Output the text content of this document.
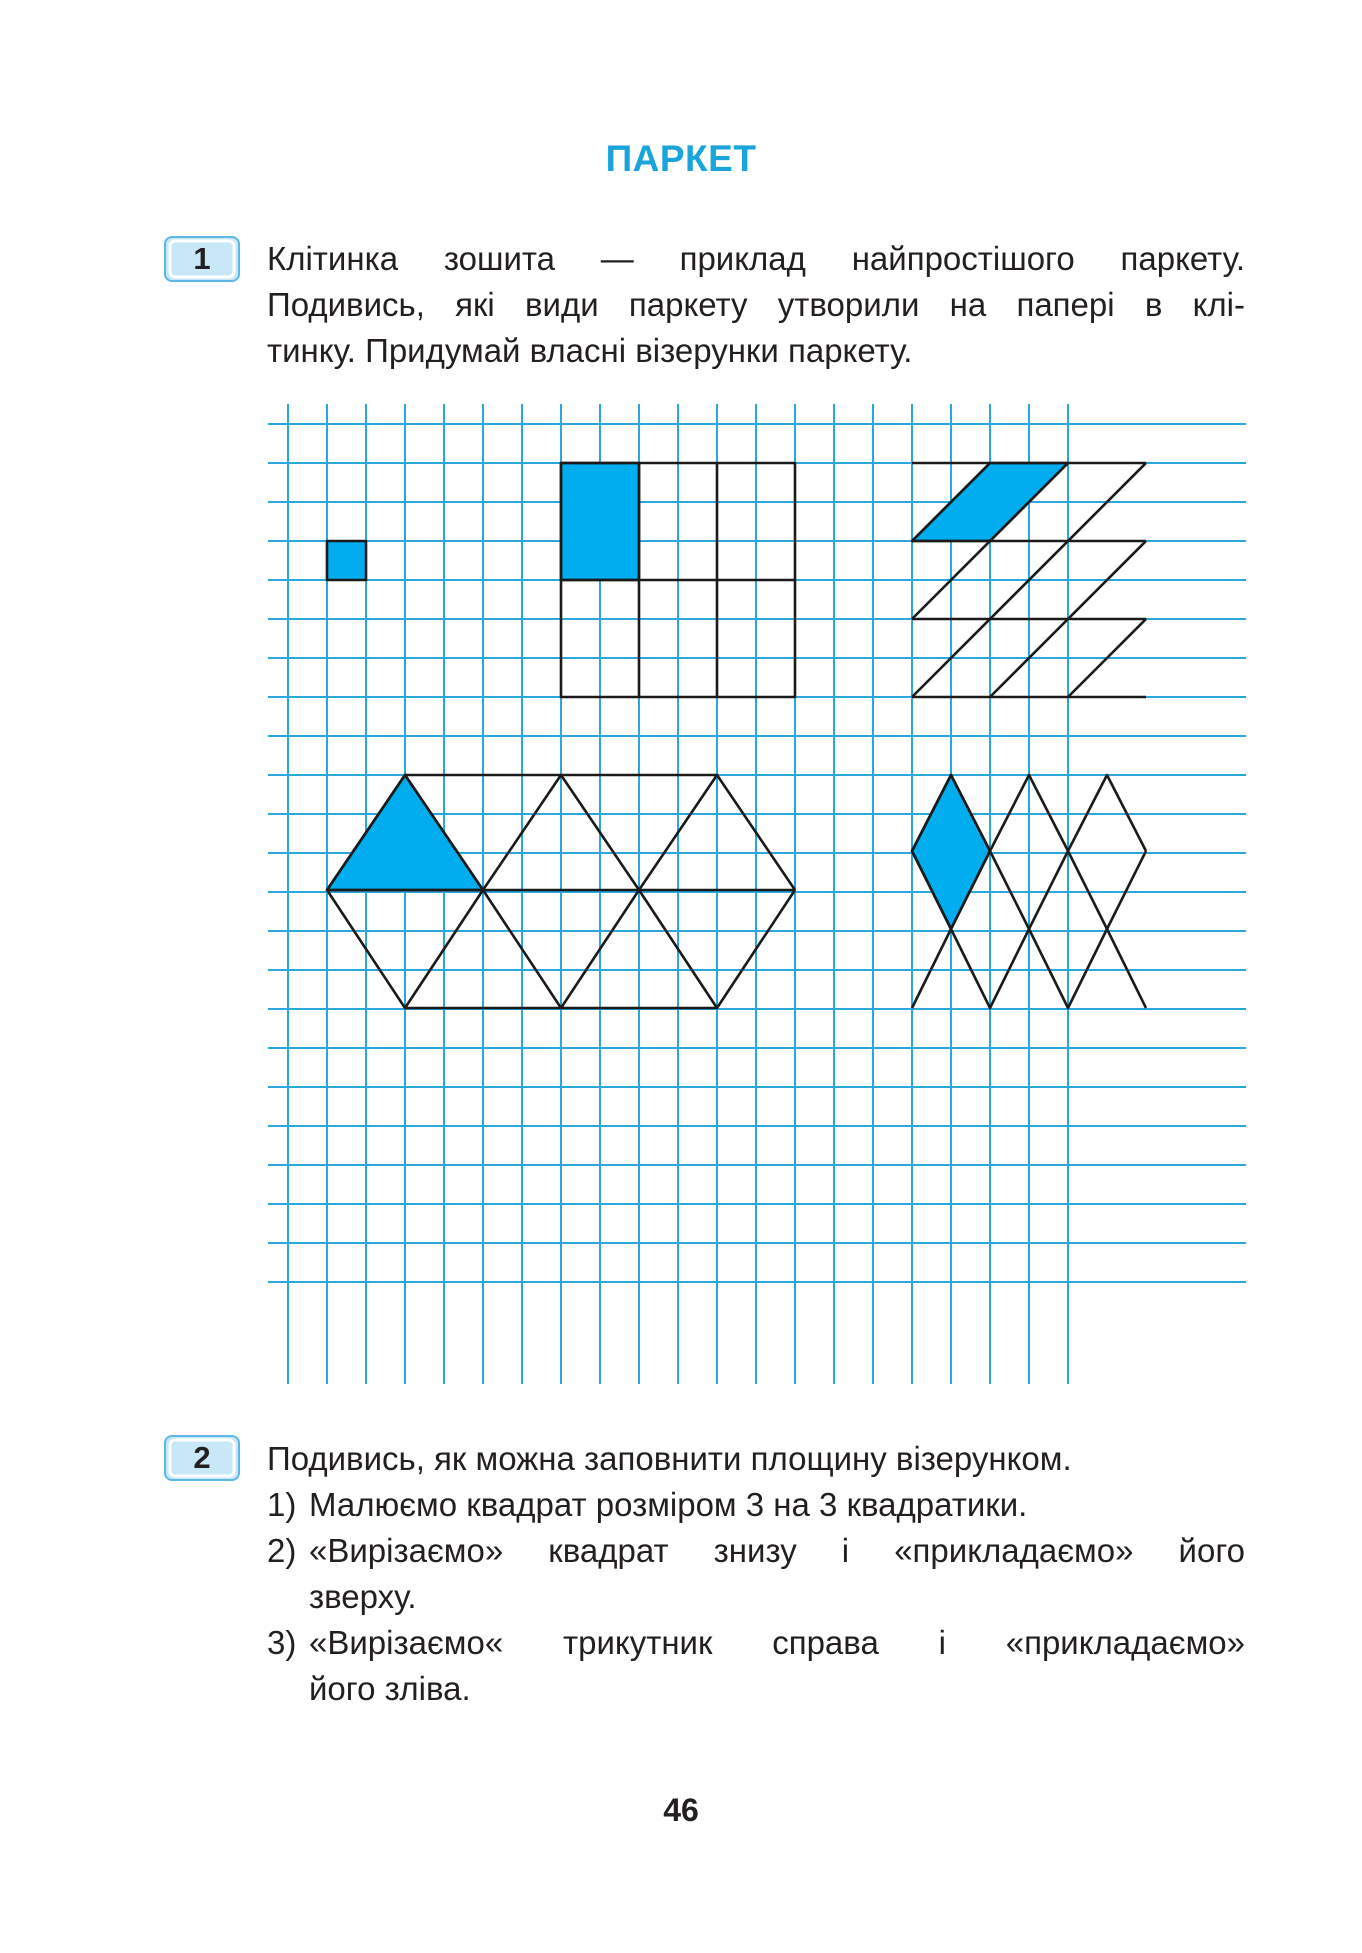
ПАРКЕТ
1	Клітинка зошита — приклад найпростішого паркету.
Подивись, які види паркету утворили на папері в клі-
тинку. Придумай власні візерунки паркету.
2	Подивись, як можна заповнити площину візерунком.
1) Малюємо квадрат розміром 3 на 3 квадратики.
2) «Вирізаємо» квадрат знизу і «прикладаємо» його
зверху.
3) «Вирізаємо« трикутник справа і «прикладаємо»
його зліва.
46
